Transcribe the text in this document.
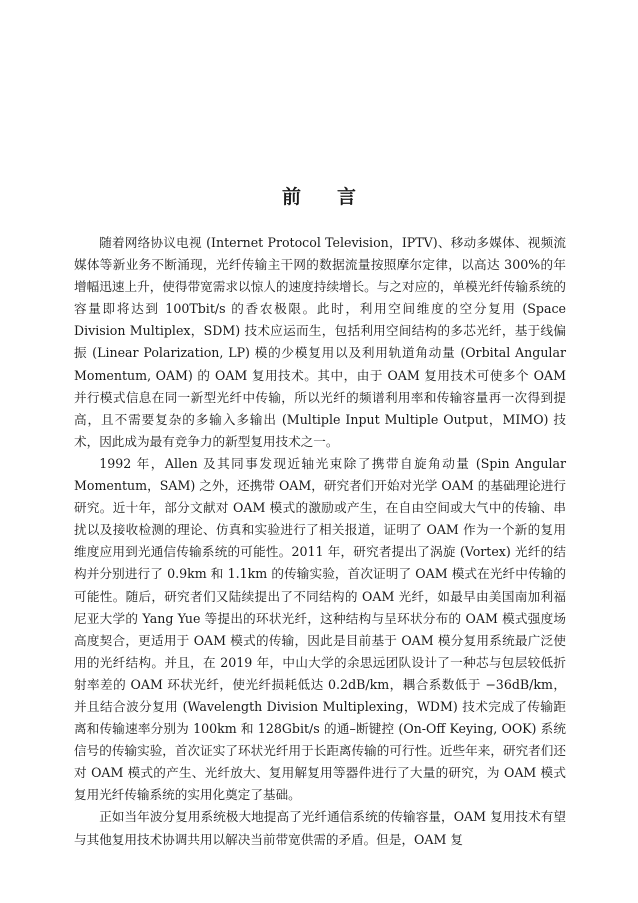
前 言

随着网络协议电视 (Internet Protocol Television，IPTV)、移动多媒体、视频流媒体等新业务不断涌现，光纤传输主干网的数据流量按照摩尔定律，以高达 300%的年增幅迅速上升，使得带宽需求以惊人的速度持续增长。与之对应的，单模光纤传输系统的容量即将达到 100Tbit/s 的香农极限。此时，利用空间维度的空分复用 (Space Division Multiplex，SDM) 技术应运而生，包括利用空间结构的多芯光纤，基于线偏振 (Linear Polarization, LP) 模的少模复用以及利用轨道角动量 (Orbital Angular Momentum, OAM) 的 OAM 复用技术。其中，由于 OAM 复用技术可使多个 OAM 并行模式信息在同一新型光纤中传输，所以光纤的频谱利用率和传输容量再一次得到提高，且不需要复杂的多输入多输出 (Multiple Input Multiple Output，MIMO) 技术，因此成为最有竞争力的新型复用技术之一。

1992 年，Allen 及其同事发现近轴光束除了携带自旋角动量 (Spin Angular Momentum，SAM) 之外，还携带 OAM，研究者们开始对光学 OAM 的基础理论进行研究。近十年，部分文献对 OAM 模式的激励或产生，在自由空间或大气中的传输、串扰以及接收检测的理论、仿真和实验进行了相关报道，证明了 OAM 作为一个新的复用维度应用到光通信传输系统的可能性。2011 年，研究者提出了涡旋 (Vortex) 光纤的结构并分别进行了 0.9km 和 1.1km 的传输实验，首次证明了 OAM 模式在光纤中传输的可能性。随后，研究者们又陆续提出了不同结构的 OAM 光纤，如最早由美国南加利福尼亚大学的 Yang Yue 等提出的环状光纤，这种结构与呈环状分布的 OAM 模式强度场高度契合，更适用于 OAM 模式的传输，因此是目前基于 OAM 模分复用系统最广泛使用的光纤结构。并且，在 2019 年，中山大学的余思远团队设计了一种芯与包层较低折射率差的 OAM 环状光纤，使光纤损耗低达 0.2dB/km，耦合系数低于 −36dB/km，并且结合波分复用 (Wavelength Division Multiplexing，WDM) 技术完成了传输距离和传输速率分别为 100km 和 128Gbit/s 的通–断键控 (On-Off Keying, OOK) 系统信号的传输实验，首次证实了环状光纤用于长距离传输的可行性。近些年来，研究者们还对 OAM 模式的产生、光纤放大、复用解复用等器件进行了大量的研究，为 OAM 模式复用光纤传输系统的实用化奠定了基础。

正如当年波分复用系统极大地提高了光纤通信系统的传输容量，OAM 复用技术有望与其他复用技术协调共用以解决当前带宽供需的矛盾。但是，OAM 复
